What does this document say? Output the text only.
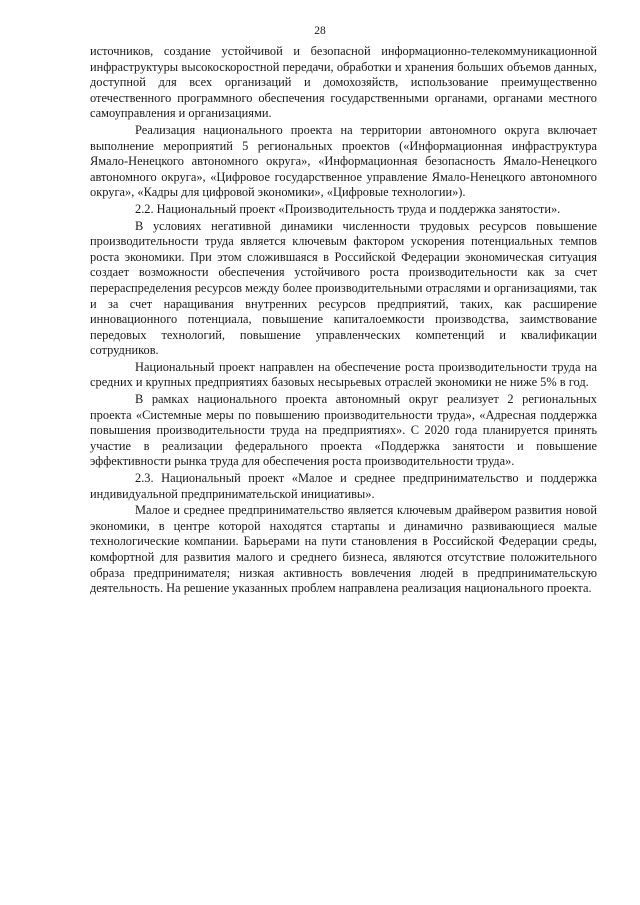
28

источников, создание устойчивой и безопасной информационно-телекоммуникационной инфраструктуры высокоскоростной передачи, обработки и хранения больших объемов данных, доступной для всех организаций и домохозяйств, использование преимущественно отечественного программного обеспечения государственными органами, органами местного самоуправления и организациями.

Реализация национального проекта на территории автономного округа включает выполнение мероприятий 5 региональных проектов («Информационная инфраструктура Ямало-Ненецкого автономного округа», «Информационная безопасность Ямало-Ненецкого автономного округа», «Цифровое государственное управление Ямало-Ненецкого автономного округа», «Кадры для цифровой экономики», «Цифровые технологии»).

2.2. Национальный проект «Производительность труда и поддержка занятости».

В условиях негативной динамики численности трудовых ресурсов повышение производительности труда является ключевым фактором ускорения потенциальных темпов роста экономики. При этом сложившаяся в Российской Федерации экономическая ситуация создает возможности обеспечения устойчивого роста производительности как за счет перераспределения ресурсов между более производительными отраслями и организациями, так и за счет наращивания внутренних ресурсов предприятий, таких, как расширение инновационного потенциала, повышение капиталоемкости производства, заимствование передовых технологий, повышение управленческих компетенций и квалификации сотрудников.

Национальный проект направлен на обеспечение роста производительности труда на средних и крупных предприятиях базовых несырьевых отраслей экономики не ниже 5% в год.

В рамках национального проекта автономный округ реализует 2 региональных проекта «Системные меры по повышению производительности труда», «Адресная поддержка повышения производительности труда на предприятиях». С 2020 года планируется принять участие в реализации федерального проекта «Поддержка занятости и повышение эффективности рынка труда для обеспечения роста производительности труда».

2.3. Национальный проект «Малое и среднее предпринимательство и поддержка индивидуальной предпринимательской инициативы».

Малое и среднее предпринимательство является ключевым драйвером развития новой экономики, в центре которой находятся стартапы и динамично развивающиеся малые технологические компании. Барьерами на пути становления в Российской Федерации среды, комфортной для развития малого и среднего бизнеса, являются отсутствие положительного образа предпринимателя; низкая активность вовлечения людей в предпринимательскую деятельность. На решение указанных проблем направлена реализация национального проекта.
